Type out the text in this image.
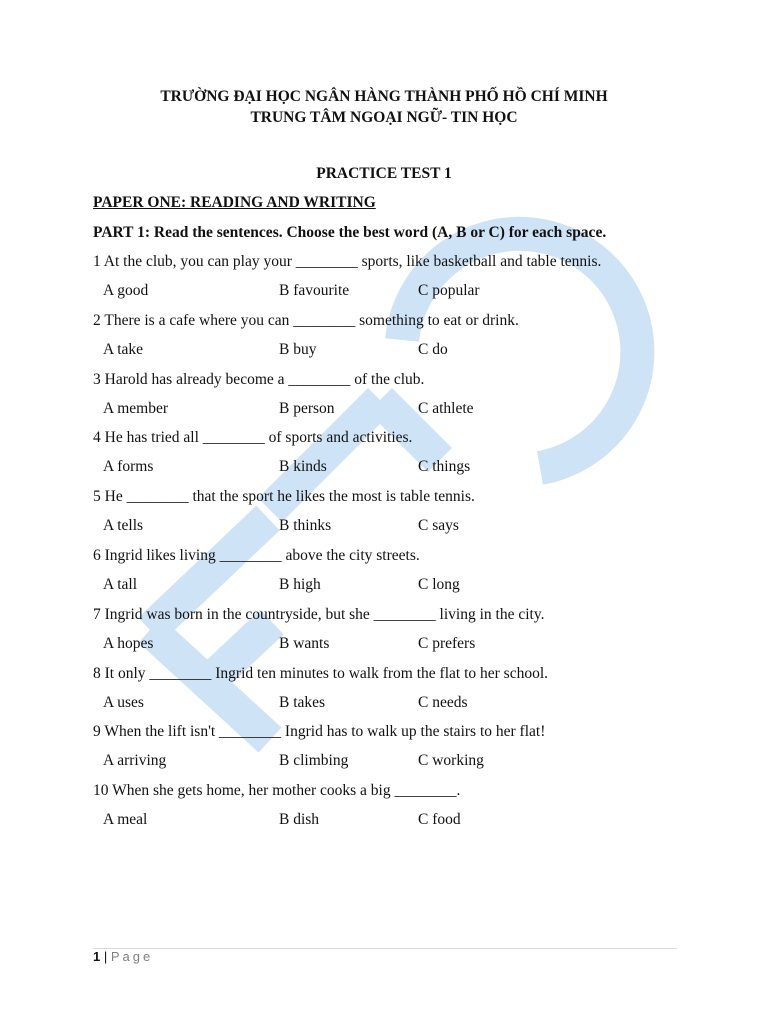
TRƯỜNG ĐẠI HỌC NGÂN HÀNG THÀNH PHỐ HỒ CHÍ MINH
TRUNG TÂM NGOẠI NGỮ- TIN HỌC
PRACTICE TEST 1
PAPER ONE: READING AND WRITING
PART 1: Read the sentences. Choose the best word (A, B or C) for each space.
1 At the club, you can play your ________ sports, like basketball and table tennis.
A good	B favourite	C popular
2 There is a cafe where you can ________ something to eat or drink.
A take	B buy	C do
3 Harold has already become a ________ of the club.
A member	B person	C athlete
4 He has tried all ________ of sports and activities.
A forms	B kinds	C things
5 He ________ that the sport he likes the most is table tennis.
A tells	B thinks	C says
6 Ingrid likes living ________ above the city streets.
A tall	B high	C long
7 Ingrid was born in the countryside, but she ________ living in the city.
A hopes	B wants	C prefers
8 It only ________ Ingrid ten minutes to walk from the flat to her school.
A uses	B takes	C needs
9 When the lift isn't ________ Ingrid has to walk up the stairs to her flat!
A arriving	B climbing	C working
10 When she gets home, her mother cooks a big ________.
A meal	B dish	C food
1 | Page
